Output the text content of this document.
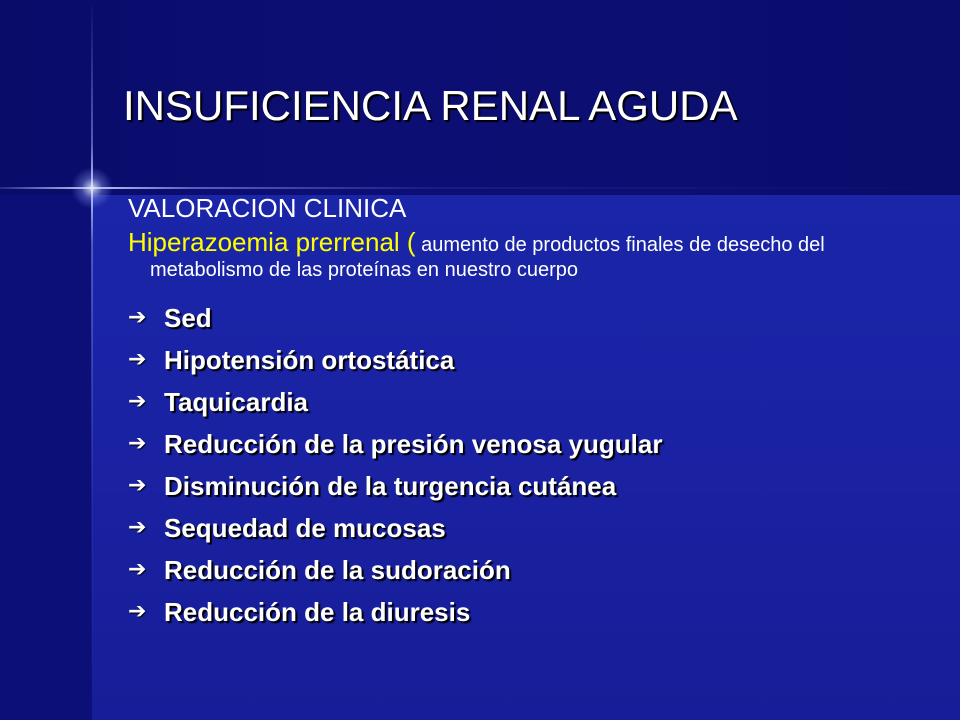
INSUFICIENCIA RENAL AGUDA
VALORACION CLINICA
Hiperazoemia prerrenal ( aumento de productos finales de desecho del metabolismo de las proteínas en nuestro cuerpo
➔ Sed
➔ Hipotensión ortostática
➔ Taquicardia
➔ Reducción de la presión venosa yugular
➔ Disminución de la turgencia cutánea
➔ Sequedad de mucosas
➔ Reducción de la sudoración
➔ Reducción de la diuresis
